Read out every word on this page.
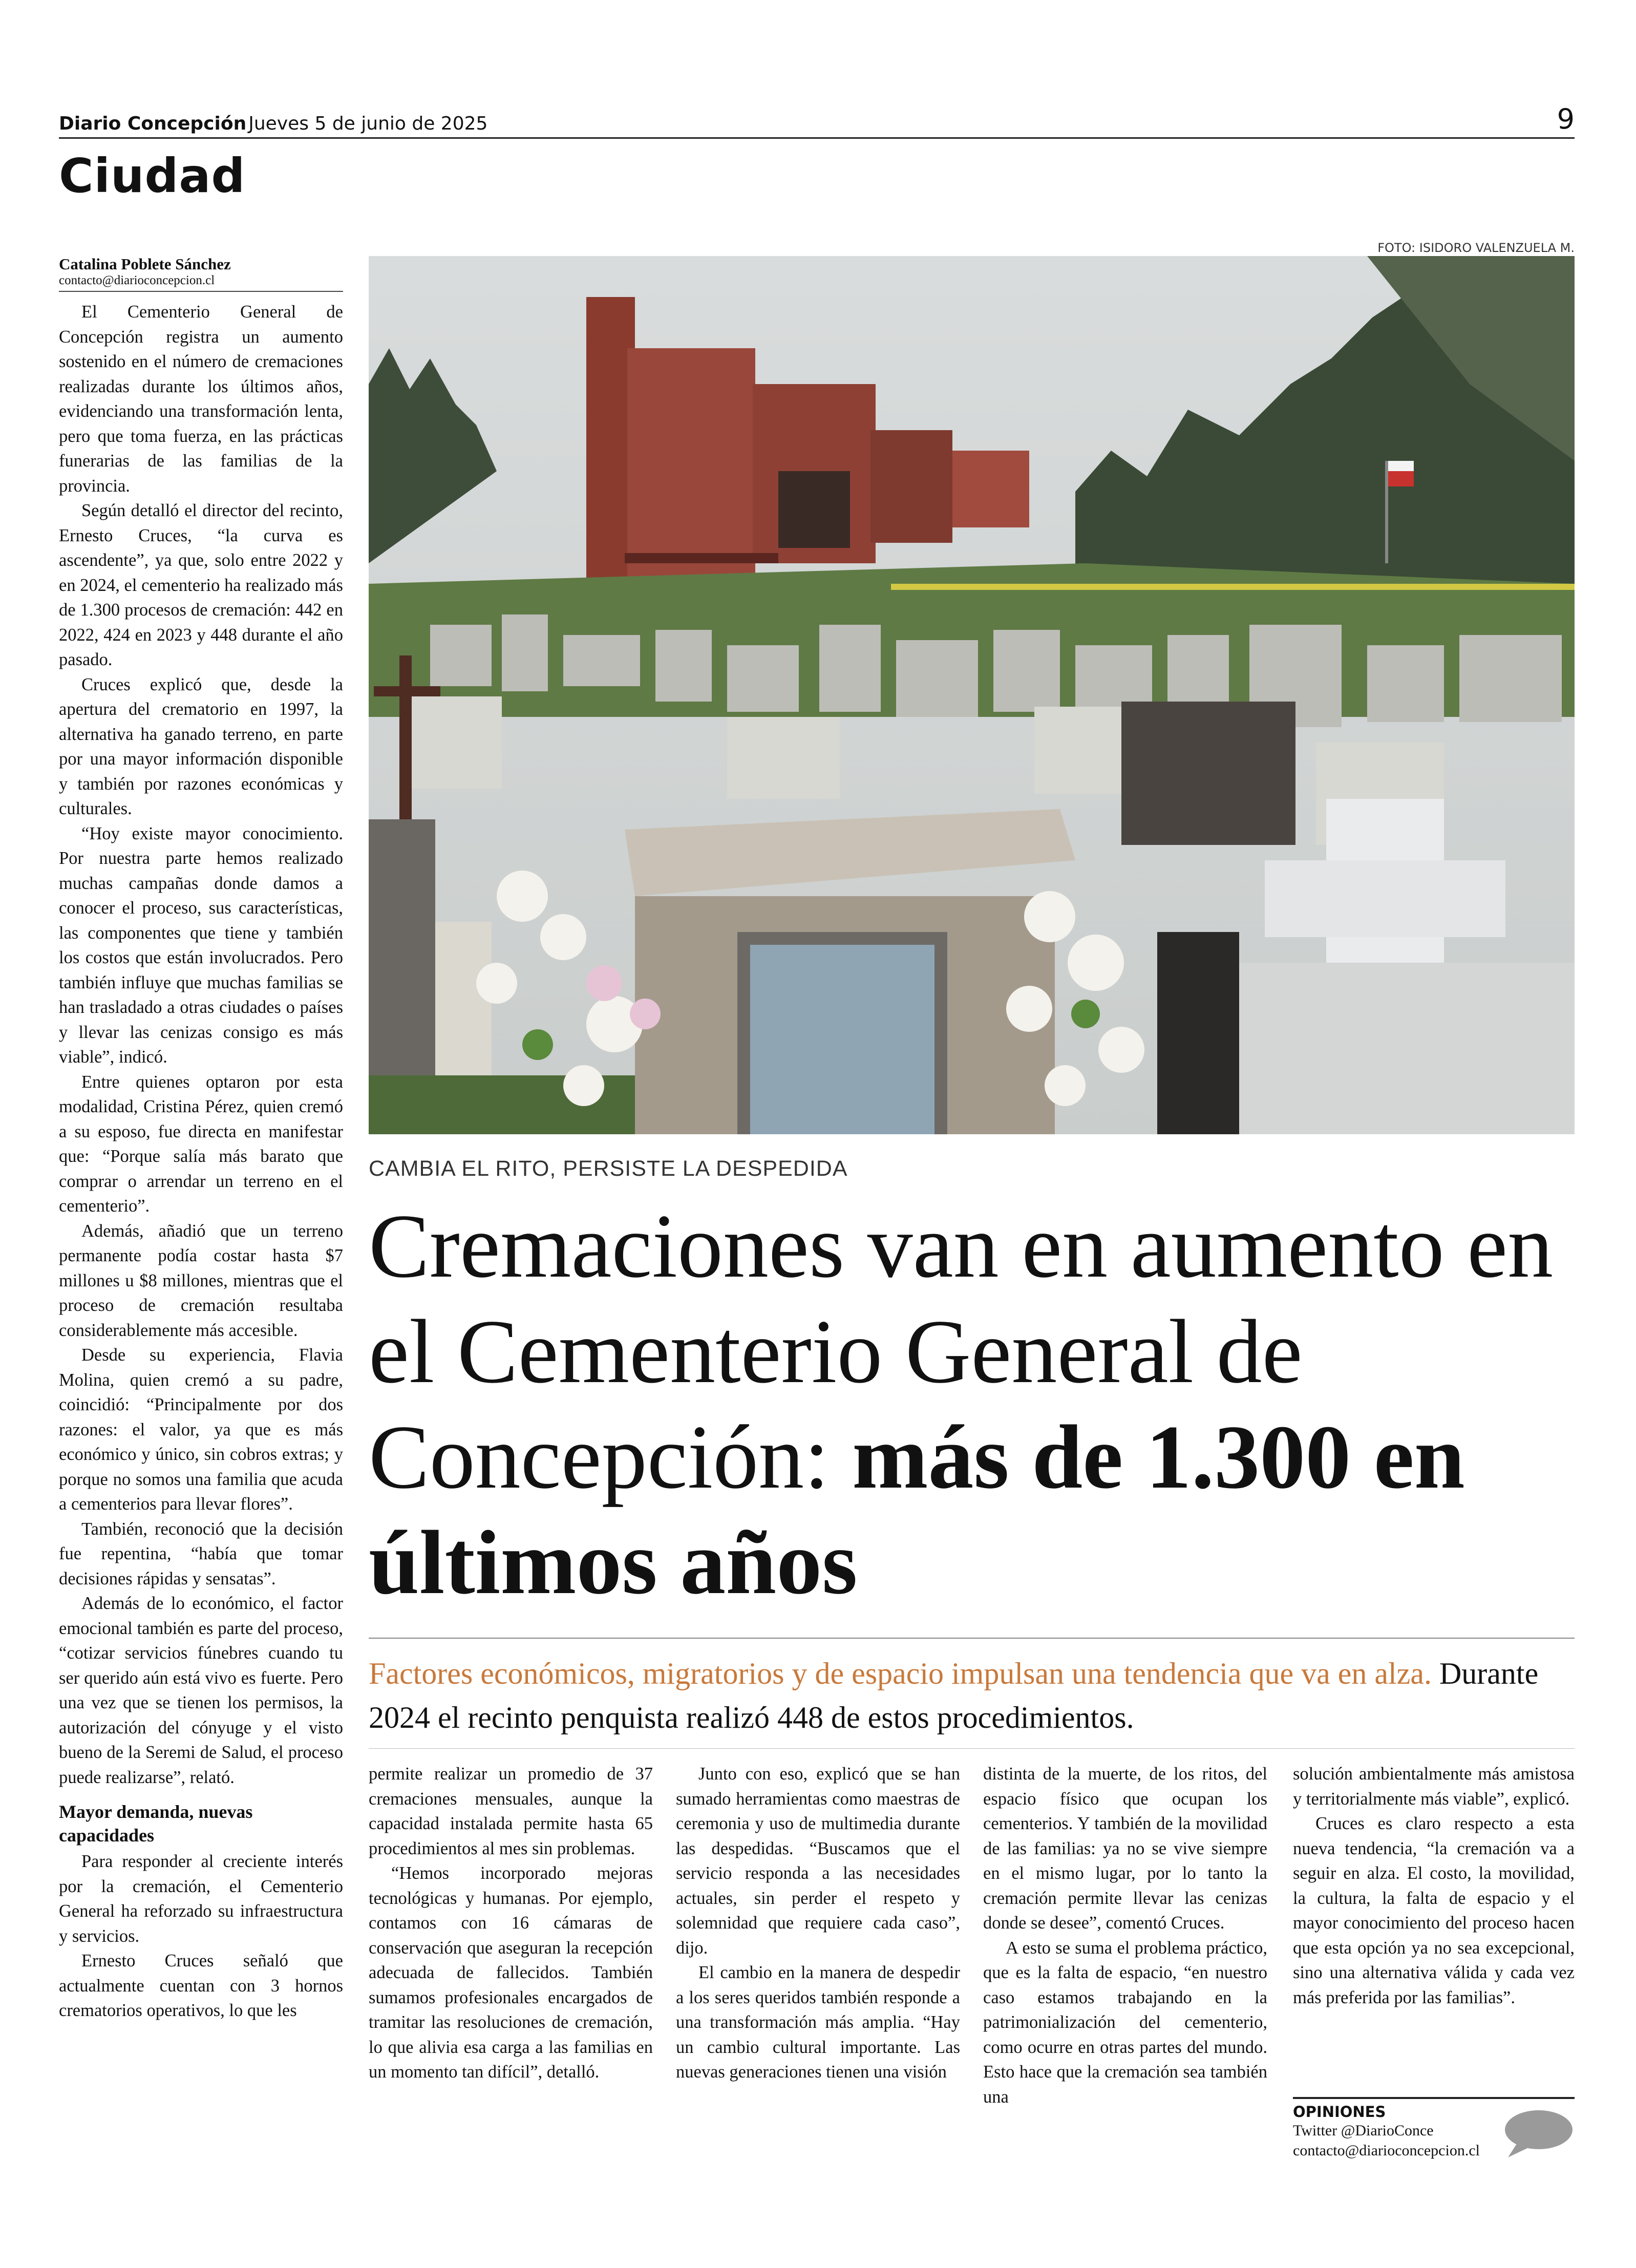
Diario Concepción Jueves 5 de junio de 2025	9
Ciudad
Catalina Poblete Sánchez
contacto@diarioconcepcion.cl

El Cementerio General de Concepción registra un aumento sostenido en el número de cremaciones realizadas durante los últimos años, evidenciando una transformación lenta, pero que toma fuerza, en las prácticas funerarias de las familias de la provincia.

Según detalló el director del recinto, Ernesto Cruces, “la curva es ascendente”, ya que, solo entre 2022 y en 2024, el cementerio ha realizado más de 1.300 procesos de cremación: 442 en 2022, 424 en 2023 y 448 durante el año pasado.

Cruces explicó que, desde la apertura del crematorio en 1997, la alternativa ha ganado terreno, en parte por una mayor información disponible y también por razones económicas y culturales.

“Hoy existe mayor conocimiento. Por nuestra parte hemos realizado muchas campañas donde damos a conocer el proceso, sus características, las componentes que tiene y también los costos que están involucrados. Pero también influye que muchas familias se han trasladado a otras ciudades o países y llevar las cenizas consigo es más viable”, indicó.

Entre quienes optaron por esta modalidad, Cristina Pérez, quien cremó a su esposo, fue directa en manifestar que: “Porque salía más barato que comprar o arrendar un terreno en el cementerio”.

Además, añadió que un terreno permanente podía costar hasta $7 millones u $8 millones, mientras que el proceso de cremación resultaba considerablemente más accesible.

Desde su experiencia, Flavia Molina, quien cremó a su padre, coincidió: “Principalmente por dos razones: el valor, ya que es más económico y único, sin cobros extras; y porque no somos una familia que acuda a cementerios para llevar flores”.

También, reconoció que la decisión fue repentina, “había que tomar decisiones rápidas y sensatas”.

Además de lo económico, el factor emocional también es parte del proceso, “cotizar servicios fúnebres cuando tu ser querido aún está vivo es fuerte. Pero una vez que se tienen los permisos, la autorización del cónyuge y el visto bueno de la Seremi de Salud, el proceso puede realizarse”, relató.

Mayor demanda, nuevas capacidades

Para responder al creciente interés por la cremación, el Cementerio General ha reforzado su infraestructura y servicios.

Ernesto Cruces señaló que actualmente cuentan con 3 hornos crematorios operativos, lo que les

FOTO: ISIDORO VALENZUELA M.
CAMBIA EL RITO, PERSISTE LA DESPEDIDA
Cremaciones van en aumento en el Cementerio General de Concepción: más de 1.300 en últimos años
Factores económicos, migratorios y de espacio impulsan una tendencia que va en alza. Durante 2024 el recinto penquista realizó 448 de estos procedimientos.

permite realizar un promedio de 37 cremaciones mensuales, aunque la capacidad instalada permite hasta 65 procedimientos al mes sin problemas.

“Hemos incorporado mejoras tecnológicas y humanas. Por ejemplo, contamos con 16 cámaras de conservación que aseguran la recepción adecuada de fallecidos. También sumamos profesionales encargados de tramitar las resoluciones de cremación, lo que alivia esa carga a las familias en un momento tan difícil”, detalló.

Junto con eso, explicó que se han sumado herramientas como maestras de ceremonia y uso de multimedia durante las despedidas. “Buscamos que el servicio responda a las necesidades actuales, sin perder el respeto y solemnidad que requiere cada caso”, dijo.

El cambio en la manera de despedir a los seres queridos también responde a una transformación más amplia. “Hay un cambio cultural importante. Las nuevas generaciones tienen una visión

distinta de la muerte, de los ritos, del espacio físico que ocupan los cementerios. Y también de la movilidad de las familias: ya no se vive siempre en el mismo lugar, por lo tanto la cremación permite llevar las cenizas donde se desee”, comentó Cruces.

A esto se suma el problema práctico, que es la falta de espacio, “en nuestro caso estamos trabajando en la patrimonialización del cementerio, como ocurre en otras partes del mundo. Esto hace que la cremación sea también una

solución ambientalmente más amistosa y territorialmente más viable”, explicó.

Cruces es claro respecto a esta nueva tendencia, “la cremación va a seguir en alza. El costo, la movilidad, la cultura, la falta de espacio y el mayor conocimiento del proceso hacen que esta opción ya no sea excepcional, sino una alternativa válida y cada vez más preferida por las familias”.

OPINIONES
Twitter @DiarioConce
contacto@diarioconcepcion.cl
